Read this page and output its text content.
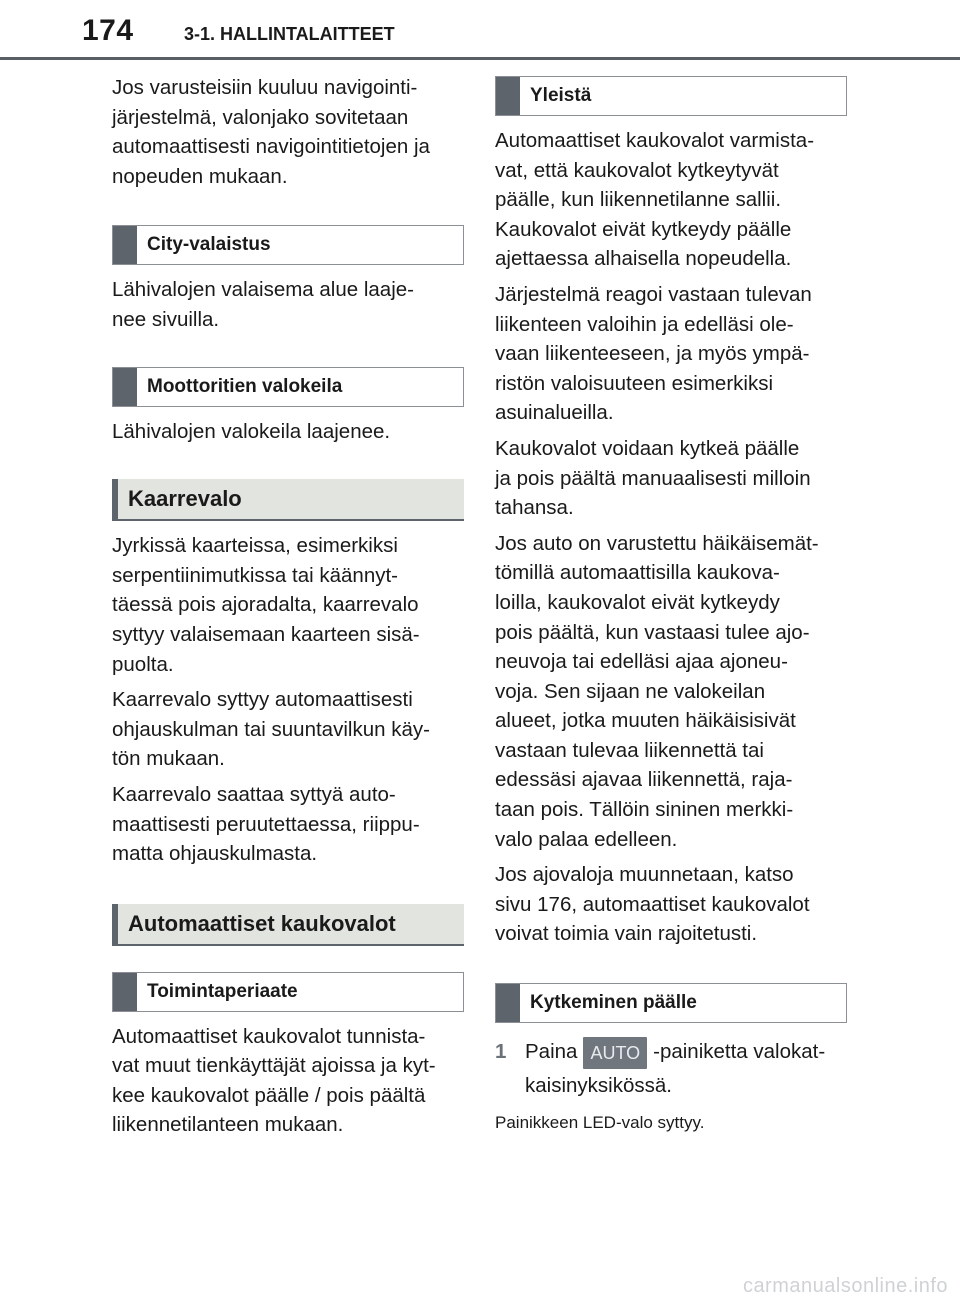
174	3-1. HALLINTALAITTEET

Jos varusteisiin kuuluu navigointi-
järjestelmä, valonjako sovitetaan
automaattisesti navigointitietojen ja
nopeuden mukaan.

City-valaistus

Lähivalojen valaisema alue laaje-
nee sivuilla.

Moottoritien valokeila

Lähivalojen valokeila laajenee.

Kaarrevalo

Jyrkissä kaarteissa, esimerkiksi
serpentiinimutkissa tai käännyt-
täessä pois ajoradalta, kaarrevalo
syttyy valaisemaan kaarteen sisä-
puolta.

Kaarrevalo syttyy automaattisesti
ohjauskulman tai suuntavilkun käy-
tön mukaan.

Kaarrevalo saattaa syttyä auto-
maattisesti peruutettaessa, riippu-
matta ohjauskulmasta.

Automaattiset kaukovalot
Toimintaperiaate

Automaattiset kaukovalot tunnista-
vat muut tienkäyttäjät ajoissa ja kyt-
kee kaukovalot päälle / pois päältä
liikennetilanteen mukaan.

Yleistä

Automaattiset kaukovalot varmista-
vat, että kaukovalot kytkeytyvät
päälle, kun liikennetilanne sallii.
Kaukovalot eivät kytkeydy päälle
ajettaessa alhaisella nopeudella.

Järjestelmä reagoi vastaan tulevan
liikenteen valoihin ja edelläsi ole-
vaan liikenteeseen, ja myös ympä-
ristön valoisuuteen esimerkiksi
asuinalueilla.

Kaukovalot voidaan kytkeä päälle
ja pois päältä manuaalisesti milloin
tahansa.

Jos auto on varustettu häikäisemät-
tömillä automaattisilla kaukova-
loilla, kaukovalot eivät kytkeydy
pois päältä, kun vastaasi tulee ajo-
neuvoja tai edelläsi ajaa ajoneu-
voja. Sen sijaan ne valokeilan
alueet, jotka muuten häikäisisivät
vastaan tulevaa liikennettä tai
edessäsi ajavaa liikennettä, raja-
taan pois. Tällöin sininen merkki-
valo palaa edelleen.

Jos ajovaloja muunnetaan, katso
sivu 176, automaattiset kaukovalot
voivat toimia vain rajoitetusti.

Kytkeminen päälle
1 Paina AUTO -painiketta valokat-
kaisinyksikössä.

Painikkeen LED-valo syttyy.

carmanualsonline.info
